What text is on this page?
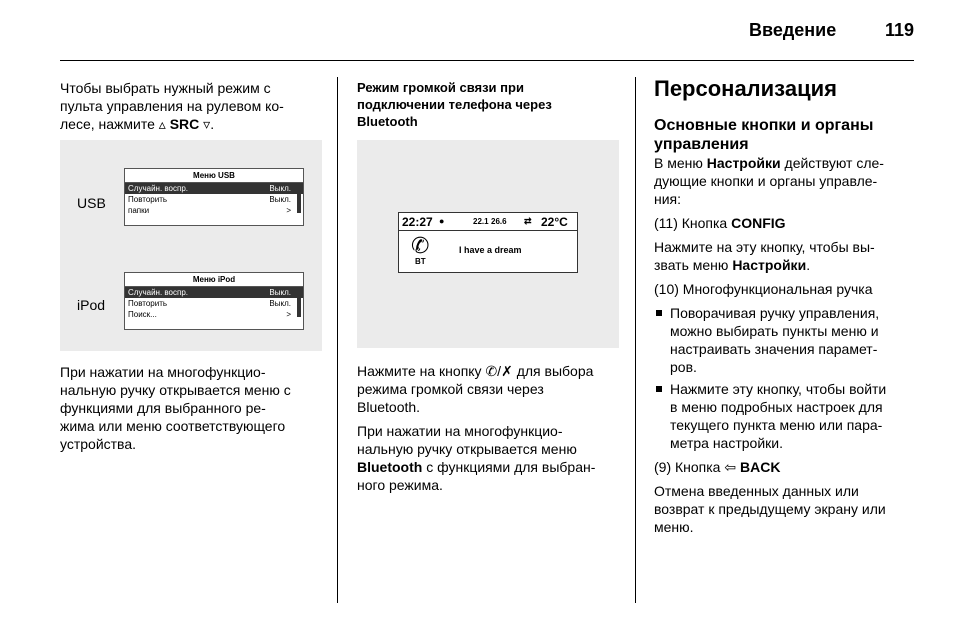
Введение	119
Чтобы выбрать нужный режим с
пульта управления на рулевом ко-
лесе, нажмите ▵ SRC ▿.
USB
iPod
Меню USB
Случайн. воспр.	Выкл.
Повторить	Выкл.
папки	>
Меню iPod
Случайн. воспр.	Выкл.
Повторить	Выкл.
Поиск...	>
При нажатии на многофункцио-
нальную ручку открывается меню с
функциями для выбранного ре-
жима или меню соответствующего
устройства.
Режим громкой связи при
подключении телефона через
Bluetooth
22:27 ●	22.1 26.6 ⇄ 22°C
✆
BT
I have a dream
Нажмите на кнопку ✆/✗ для выбора
режима громкой связи через
Bluetooth.
При нажатии на многофункцио-
нальную ручку открывается меню
Bluetooth с функциями для выбран-
ного режима.
Персонализация
Основные кнопки и органы
управления
В меню Настройки действуют сле-
дующие кнопки и органы управле-
ния:
(11) Кнопка CONFIG
Нажмите на эту кнопку, чтобы вы-
звать меню Настройки.
(10) Многофункциональная ручка
Поворачивая ручку управления,
можно выбирать пункты меню и
настраивать значения парамет-
ров.
Нажмите эту кнопку, чтобы войти
в меню подробных настроек для
текущего пункта меню или пара-
метра настройки.
(9) Кнопка ⇦ BACK
Отмена введенных данных или
возврат к предыдущему экрану или
меню.
